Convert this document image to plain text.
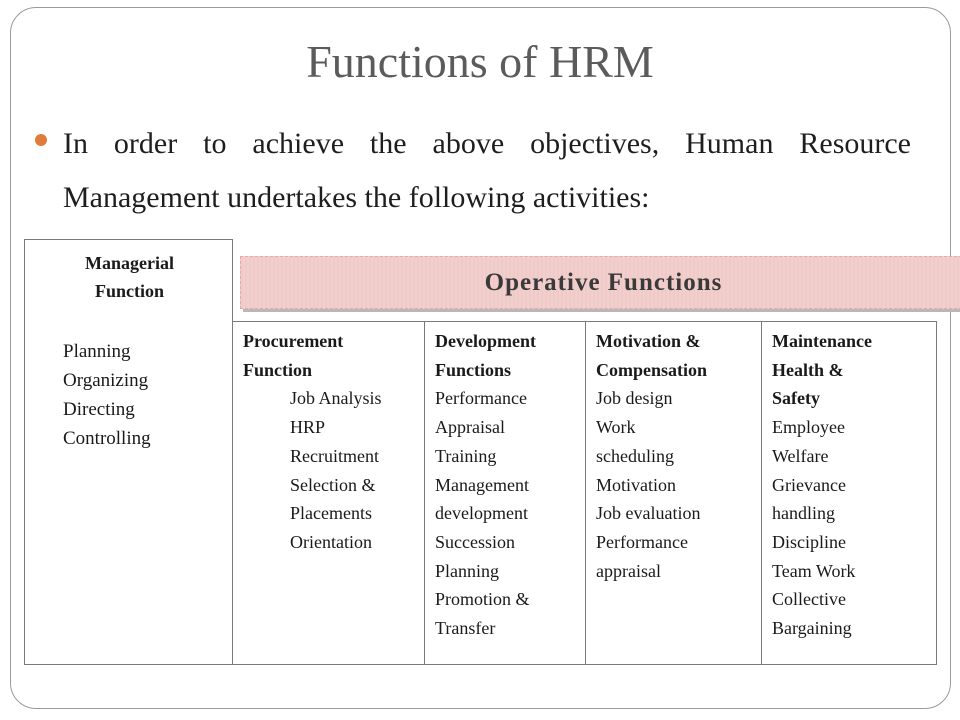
Functions of HRM
In order to achieve the above objectives, Human Resource
Management undertakes the following activities:
Managerial
Function
Planning
Organizing
Directing
Controlling
Operative Functions
Procurement
Function
Job Analysis
HRP
Recruitment
Selection &
Placements
Orientation
Development
Functions
Performance
Appraisal
Training
Management
development
Succession
Planning
Promotion &
Transfer
Motivation &
Compensation
Job design
Work
scheduling
Motivation
Job evaluation
Performance
appraisal
Maintenance
Health &
Safety
Employee
Welfare
Grievance
handling
Discipline
Team Work
Collective
Bargaining
